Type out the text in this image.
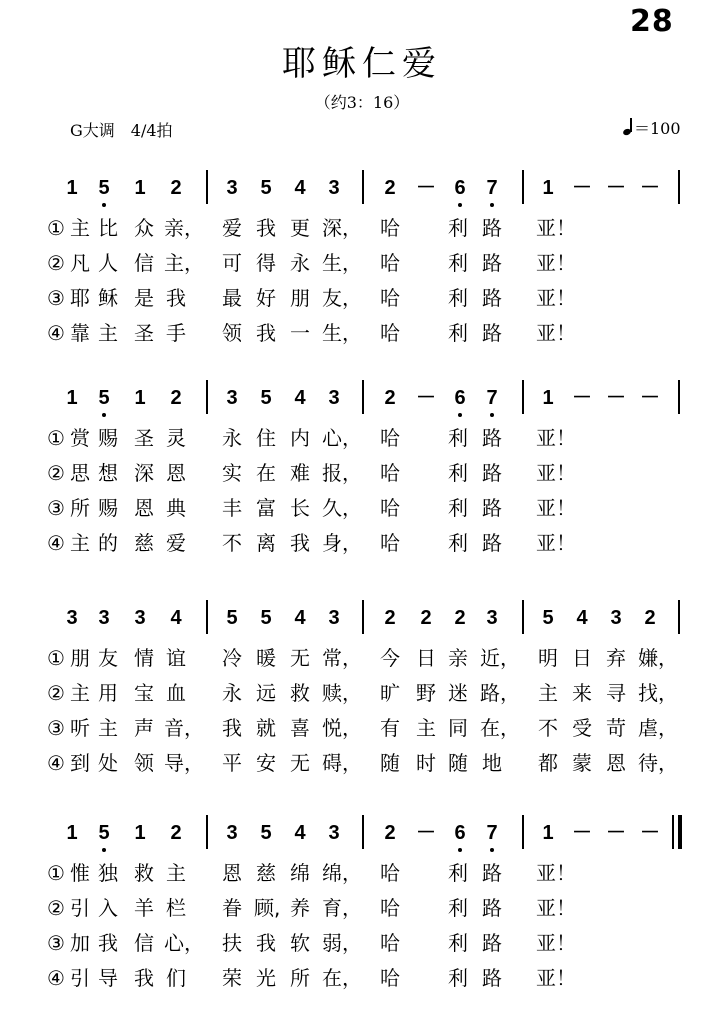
28
耶稣仁爱
（约3：16）
G大调　4/4拍	＝100
1	5	1	2	3	5	4	3	2	－ 6	7	1 － － －
① 主 比 众 亲， 爱 我 更 深， 哈 利 路 亚！
② 凡 人 信 主， 可 得 永 生， 哈 利 路 亚！
③ 耶 稣 是 我 最 好 朋 友， 哈 利 路 亚！
④ 靠 主 圣 手 领 我 一 生， 哈 利 路 亚！
1	5	1	2	3	5	4	3	2	－ 6	7	1 － － －
① 赏 赐 圣 灵 永 住 内 心， 哈 利 路 亚！
② 思 想 深 恩 实 在 难 报， 哈 利 路 亚！
③ 所 赐 恩 典 丰 富 长 久， 哈 利 路 亚！
④ 主 的 慈 爱 不 离 我 身， 哈 利 路 亚！
3	3	3	4	5	5	4	3	2	2	2	3	5	4	3	2
① 朋 友 情 谊 冷 暖 无 常， 今 日 亲 近， 明 日 弃 嫌，
② 主 用 宝 血 永 远 救 赎， 旷 野 迷 路， 主 来 寻 找，
③ 听 主 声 音， 我 就 喜 悦， 有 主 同 在， 不 受 苛 虐，
④ 到 处 领 导， 平 安 无 碍， 随 时 随 地 都 蒙 恩 待，
1	5	1	2	3	5	4	3	2	－ 6	7	1 － － －
① 惟 独 救 主 恩 慈 绵 绵， 哈 利 路 亚！
② 引 入 羊 栏 眷 顾, 养 育， 哈 利 路 亚！
③ 加 我 信 心， 扶 我 软 弱， 哈 利 路 亚！
④ 引 导 我 们 荣 光 所 在， 哈 利 路 亚！
